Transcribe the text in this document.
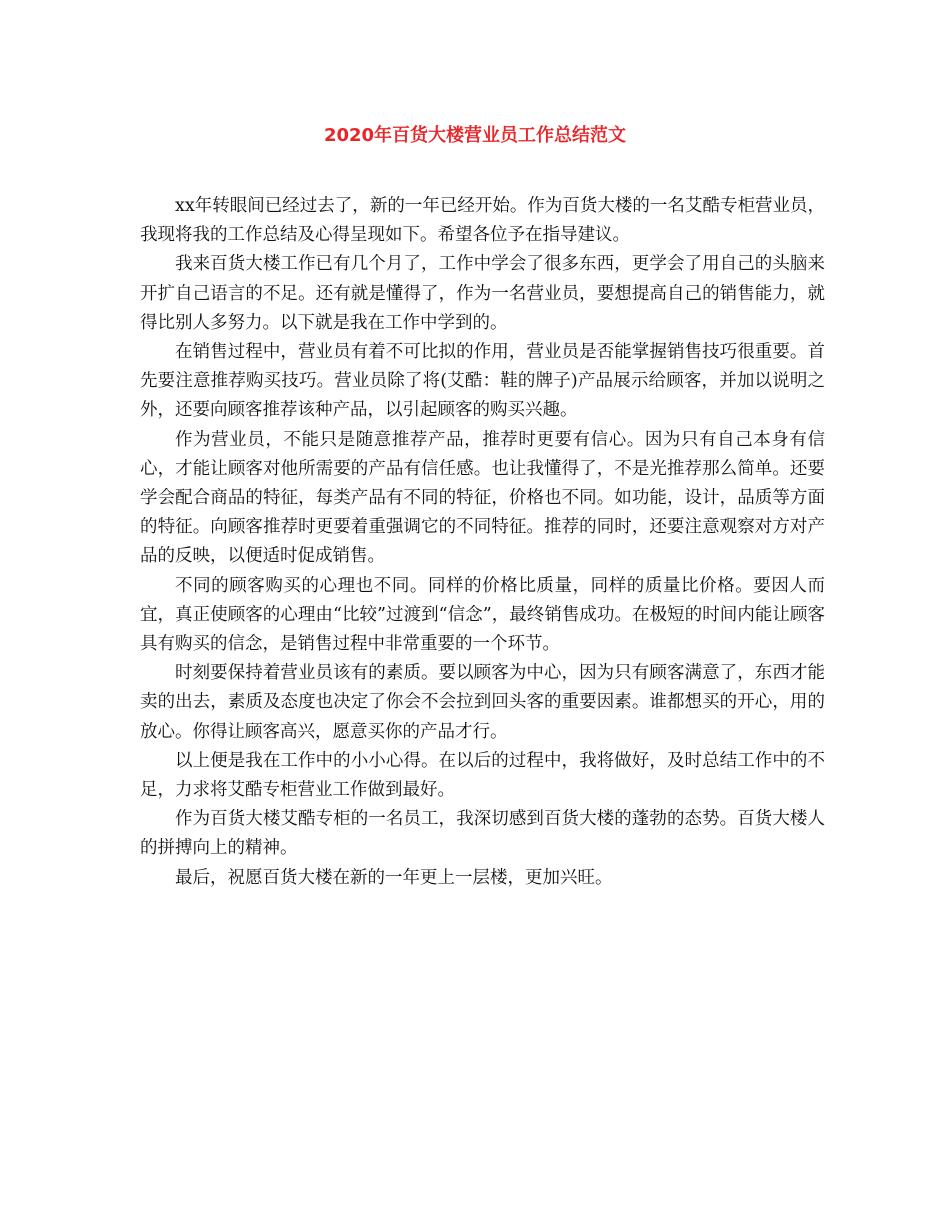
2020年百货大楼营业员工作总结范文

xx年转眼间已经过去了，新的一年已经开始。作为百货大楼的一名艾酷专柜营业员，我现将我的工作总结及心得呈现如下。希望各位予在指导建议。

我来百货大楼工作已有几个月了，工作中学会了很多东西，更学会了用自己的头脑来开扩自己语言的不足。还有就是懂得了，作为一名营业员，要想提高自己的销售能力，就得比别人多努力。以下就是我在工作中学到的。

在销售过程中，营业员有着不可比拟的作用，营业员是否能掌握销售技巧很重要。首先要注意推荐购买技巧。营业员除了将(艾酷：鞋的牌子)产品展示给顾客，并加以说明之外，还要向顾客推荐该种产品，以引起顾客的购买兴趣。

作为营业员，不能只是随意推荐产品，推荐时更要有信心。因为只有自己本身有信心，才能让顾客对他所需要的产品有信任感。也让我懂得了，不是光推荐那么简单。还要学会配合商品的特征，每类产品有不同的特征，价格也不同。如功能，设计，品质等方面的特征。向顾客推荐时更要着重强调它的不同特征。推荐的同时，还要注意观察对方对产品的反映，以便适时促成销售。

不同的顾客购买的心理也不同。同样的价格比质量，同样的质量比价格。要因人而宜，真正使顾客的心理由“比较”过渡到“信念”，最终销售成功。在极短的时间内能让顾客具有购买的信念，是销售过程中非常重要的一个环节。

时刻要保持着营业员该有的素质。要以顾客为中心，因为只有顾客满意了，东西才能卖的出去，素质及态度也决定了你会不会拉到回头客的重要因素。谁都想买的开心，用的放心。你得让顾客高兴，愿意买你的产品才行。

以上便是我在工作中的小小心得。在以后的过程中，我将做好，及时总结工作中的不足，力求将艾酷专柜营业工作做到最好。

作为百货大楼艾酷专柜的一名员工，我深切感到百货大楼的蓬勃的态势。百货大楼人的拼搏向上的精神。

最后，祝愿百货大楼在新的一年更上一层楼，更加兴旺。
